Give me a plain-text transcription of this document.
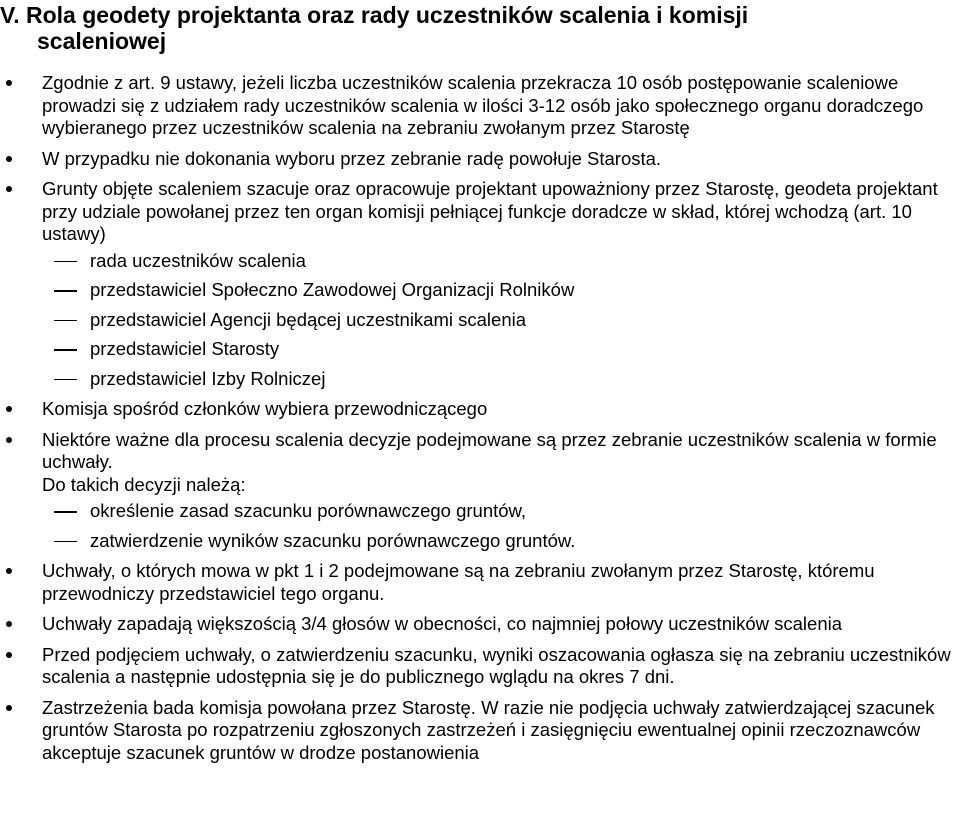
V. Rola geodety projektanta oraz rady uczestników scalenia i komisji
scaleniowej
Zgodnie z art. 9 ustawy, jeżeli liczba uczestników scalenia przekracza 10 osób postępowanie scaleniowe prowadzi się z udziałem rady uczestników scalenia w ilości 3-12 osób jako społecznego organu doradczego wybieranego przez uczestników scalenia na zebraniu zwołanym przez Starostę
W przypadku nie dokonania wyboru przez zebranie radę powołuje Starosta.
Grunty objęte scaleniem szacuje oraz opracowuje projektant upoważniony przez Starostę, geodeta projektant przy udziale powołanej przez ten organ komisji pełniącej funkcje doradcze w skład, której wchodzą (art. 10 ustawy)
rada uczestników scalenia
przedstawiciel Społeczno Zawodowej Organizacji Rolników
przedstawiciel Agencji będącej uczestnikami scalenia
przedstawiciel Starosty
przedstawiciel Izby Rolniczej
Komisja spośród członków wybiera przewodniczącego
Niektóre ważne dla procesu scalenia decyzje podejmowane są przez zebranie uczestników scalenia w formie uchwały.
Do takich decyzji należą:
określenie zasad szacunku porównawczego gruntów,
zatwierdzenie wyników szacunku porównawczego gruntów.
Uchwały, o których mowa w pkt 1 i 2 podejmowane są na zebraniu zwołanym przez Starostę, któremu przewodniczy przedstawiciel tego organu.
Uchwały zapadają większością 3/4 głosów w obecności, co najmniej połowy uczestników scalenia
Przed podjęciem uchwały, o zatwierdzeniu szacunku, wyniki oszacowania ogłasza się na zebraniu uczestników scalenia a następnie udostępnia się je do publicznego wglądu na okres 7 dni.
Zastrzeżenia bada komisja powołana przez Starostę. W razie nie podjęcia uchwały zatwierdzającej szacunek gruntów Starosta po rozpatrzeniu zgłoszonych zastrzeżeń i zasięgnięciu ewentualnej opinii rzeczoznawców akceptuje szacunek gruntów w drodze postanowienia
